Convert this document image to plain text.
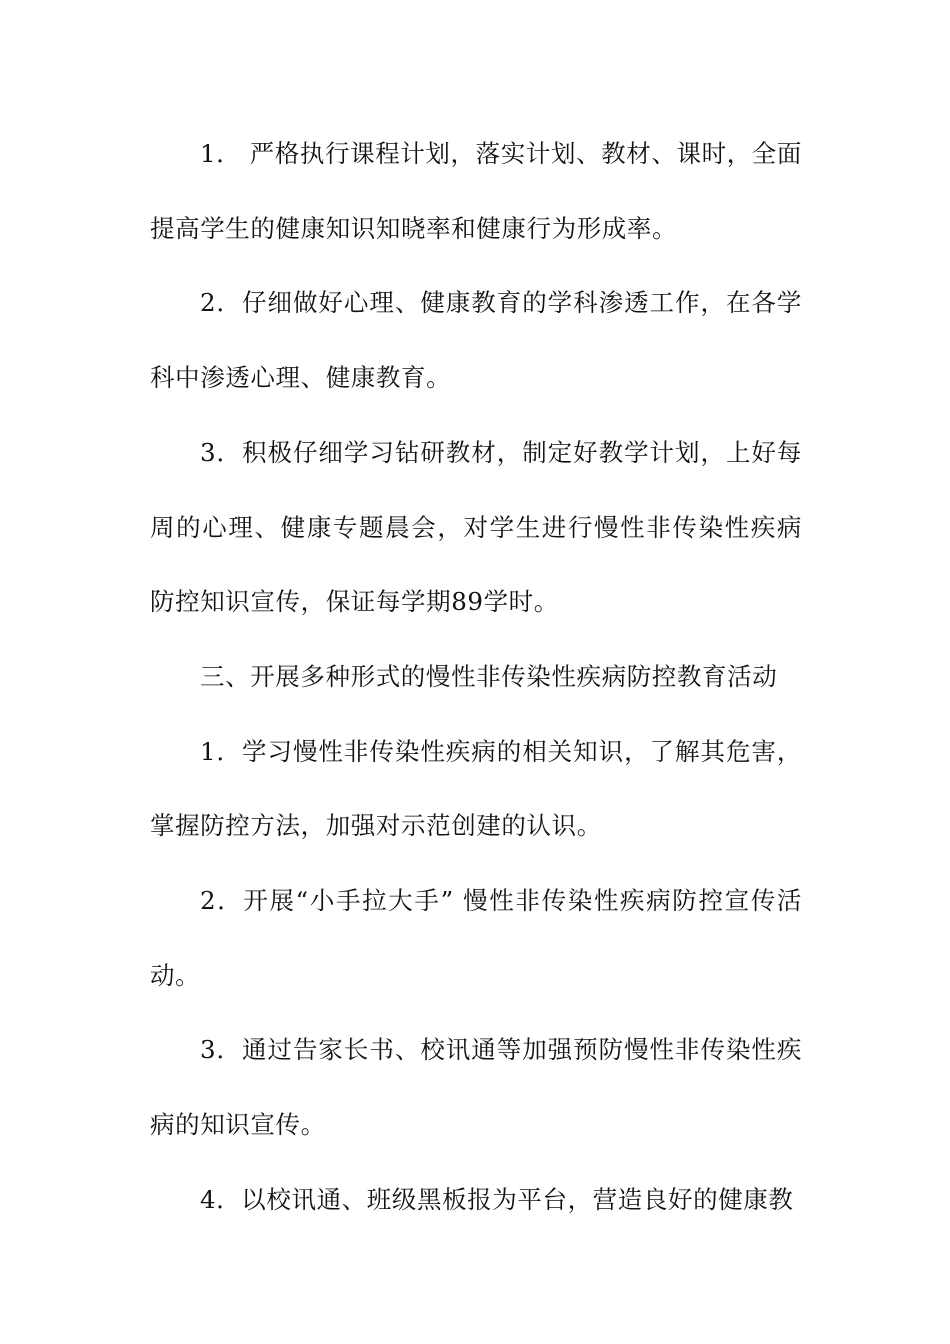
1． 严格执行课程计划，落实计划、教材、课时，全面提高学生的健康知识知晓率和健康行为形成率。

2．仔细做好心理、健康教育的学科渗透工作，在各学科中渗透心理、健康教育。

3．积极仔细学习钻研教材，制定好教学计划，上好每周的心理、健康专题晨会，对学生进行慢性非传染性疾病防控知识宣传，保证每学期89学时。

三、开展多种形式的慢性非传染性疾病防控教育活动

1．学习慢性非传染性疾病的相关知识，了解其危害，掌握防控方法，加强对示范创建的认识。

2．开展“小手拉大手” 慢性非传染性疾病防控宣传活动。

3．通过告家长书、校讯通等加强预防慢性非传染性疾病的知识宣传。

4．以校讯通、班级黑板报为平台，营造良好的健康教
